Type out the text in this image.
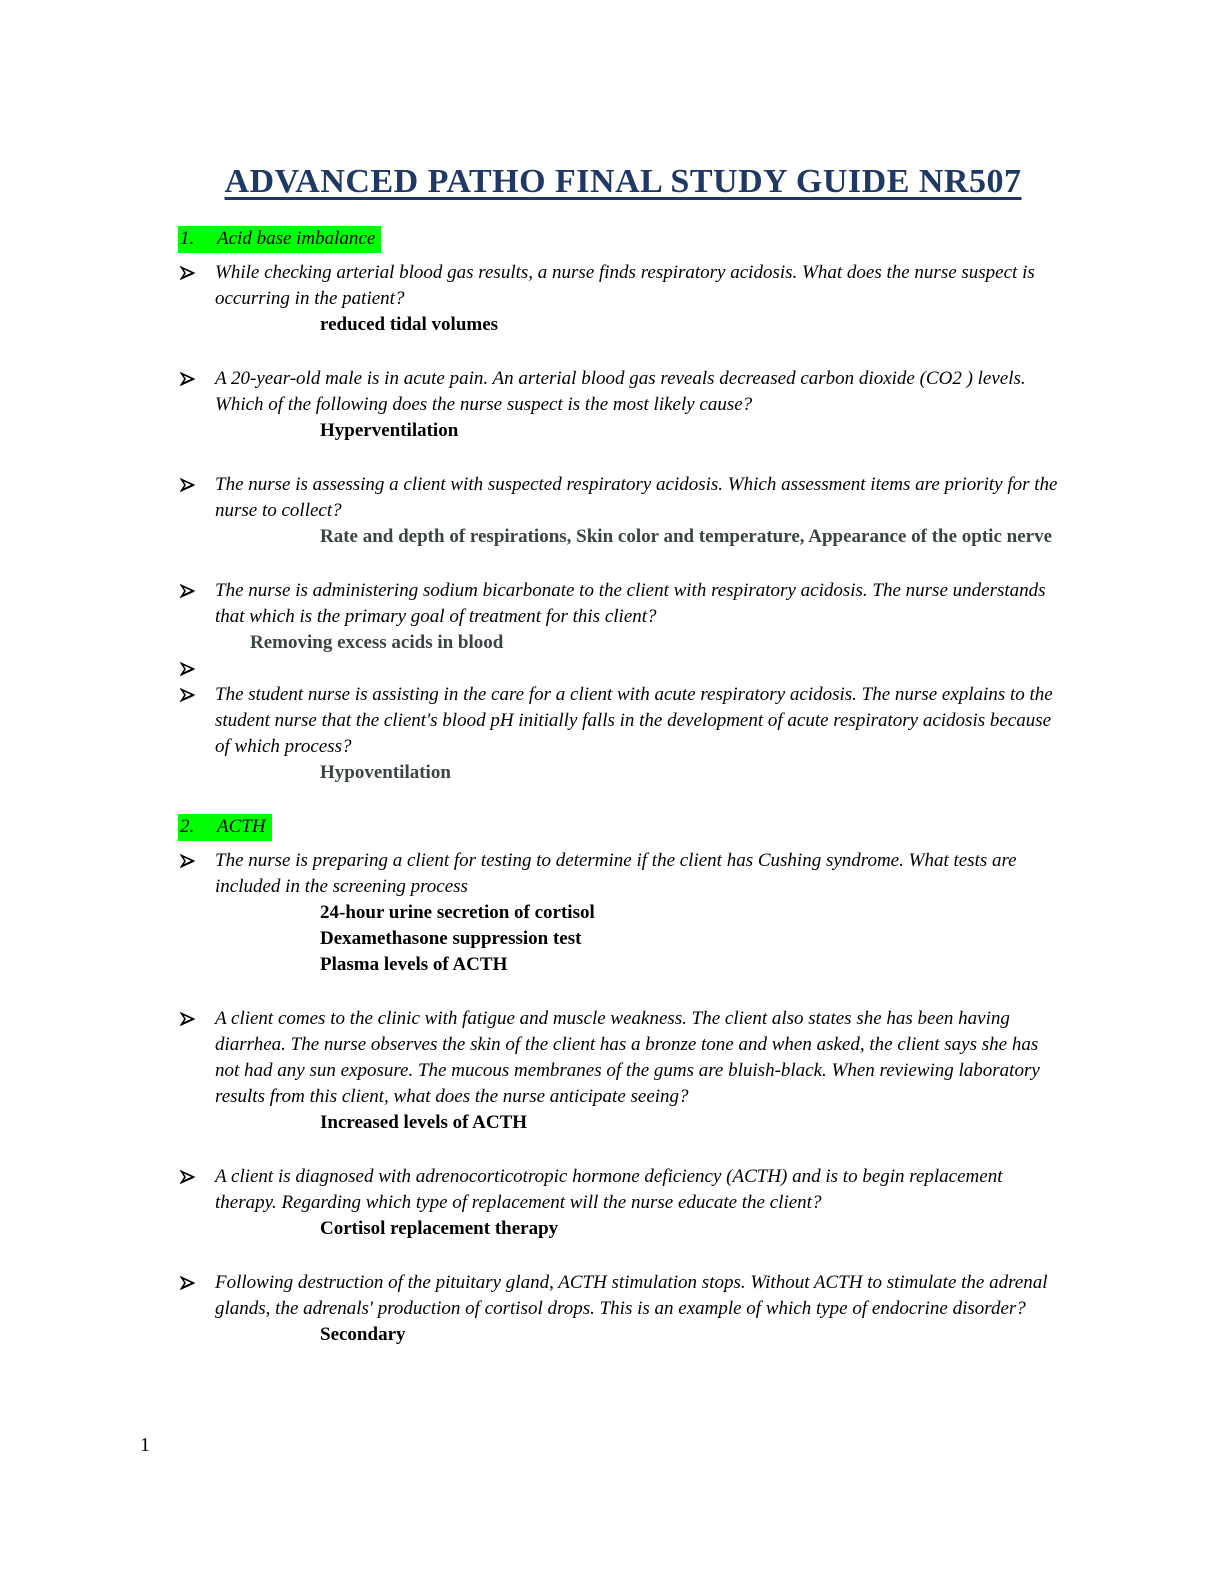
ADVANCED PATHO FINAL STUDY GUIDE NR507
1.	Acid base imbalance
While checking arterial blood gas results, a nurse finds respiratory acidosis. What does the nurse suspect is occurring in the patient?
reduced tidal volumes
A 20-year-old male is in acute pain. An arterial blood gas reveals decreased carbon dioxide (CO2 ) levels. Which of the following does the nurse suspect is the most likely cause?
Hyperventilation
The nurse is assessing a client with suspected respiratory acidosis. Which assessment items are priority for the nurse to collect?
Rate and depth of respirations, Skin color and temperature, Appearance of the optic nerve
The nurse is administering sodium bicarbonate to the client with respiratory acidosis. The nurse understands that which is the primary goal of treatment for this client?
Removing excess acids in blood
The student nurse is assisting in the care for a client with acute respiratory acidosis. The nurse explains to the student nurse that the client's blood pH initially falls in the development of acute respiratory acidosis because of which process?
Hypoventilation
2.	ACTH
The nurse is preparing a client for testing to determine if the client has Cushing syndrome. What tests are included in the screening process
24-hour urine secretion of cortisol
Dexamethasone suppression test
Plasma levels of ACTH
A client comes to the clinic with fatigue and muscle weakness. The client also states she has been having diarrhea. The nurse observes the skin of the client has a bronze tone and when asked, the client says she has not had any sun exposure. The mucous membranes of the gums are bluish-black. When reviewing laboratory results from this client, what does the nurse anticipate seeing?
Increased levels of ACTH
A client is diagnosed with adrenocorticotropic hormone deficiency (ACTH) and is to begin replacement therapy. Regarding which type of replacement will the nurse educate the client?
Cortisol replacement therapy
Following destruction of the pituitary gland, ACTH stimulation stops. Without ACTH to stimulate the adrenal glands, the adrenals' production of cortisol drops. This is an example of which type of endocrine disorder?
Secondary
1
